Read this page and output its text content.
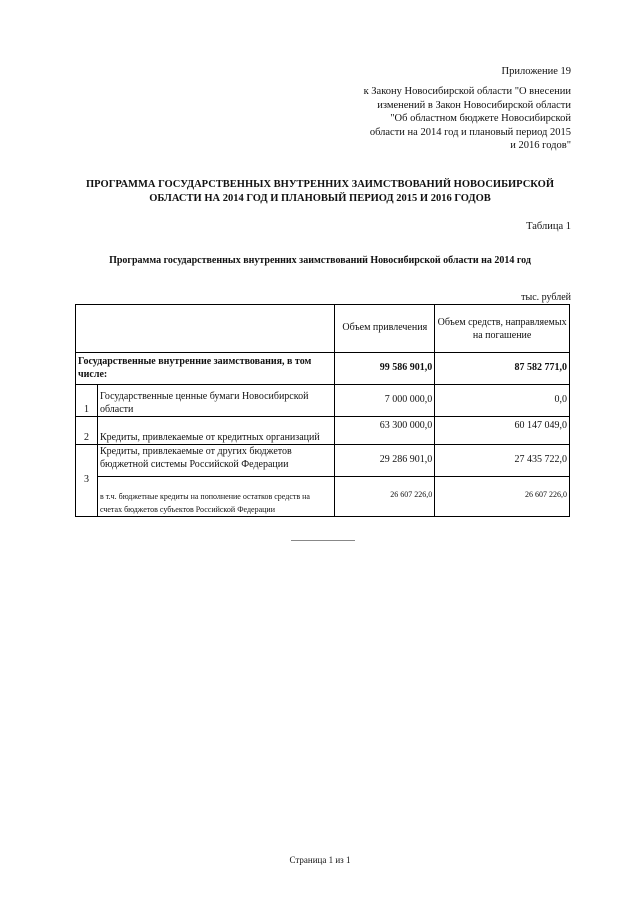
Приложение 19
к Закону Новосибирской области "О внесении
изменений в Закон Новосибирской области
"Об областном бюджете Новосибирской
области на 2014 год и плановый период 2015
и 2016 годов"
ПРОГРАММА ГОСУДАРСТВЕННЫХ ВНУТРЕННИХ ЗАИМСТВОВАНИЙ НОВОСИБИРСКОЙ
ОБЛАСТИ НА 2014 ГОД И ПЛАНОВЫЙ ПЕРИОД 2015 И 2016 ГОДОВ
Таблица 1
Программа государственных внутренних заимствований Новосибирской области на 2014 год
тыс. рублей
		Объем привлечения	Объем средств, направляемых на погашение
Государственные внутренние заимствования, в том числе:		99 586 901,0	87 582 771,0
1	Государственные ценные бумаги Новосибирской области	7 000 000,0	0,0
2	Кредиты, привлекаемые от кредитных организаций	63 300 000,0	60 147 049,0
3	Кредиты, привлекаемые от других бюджетов бюджетной системы Российской Федерации	29 286 901,0	27 435 722,0
	в т.ч. бюджетные кредиты на пополнение остатков средств на счетах бюджетов субъектов Российской Федерации	26 607 226,0	26 607 226,0
Страница 1 из 1
